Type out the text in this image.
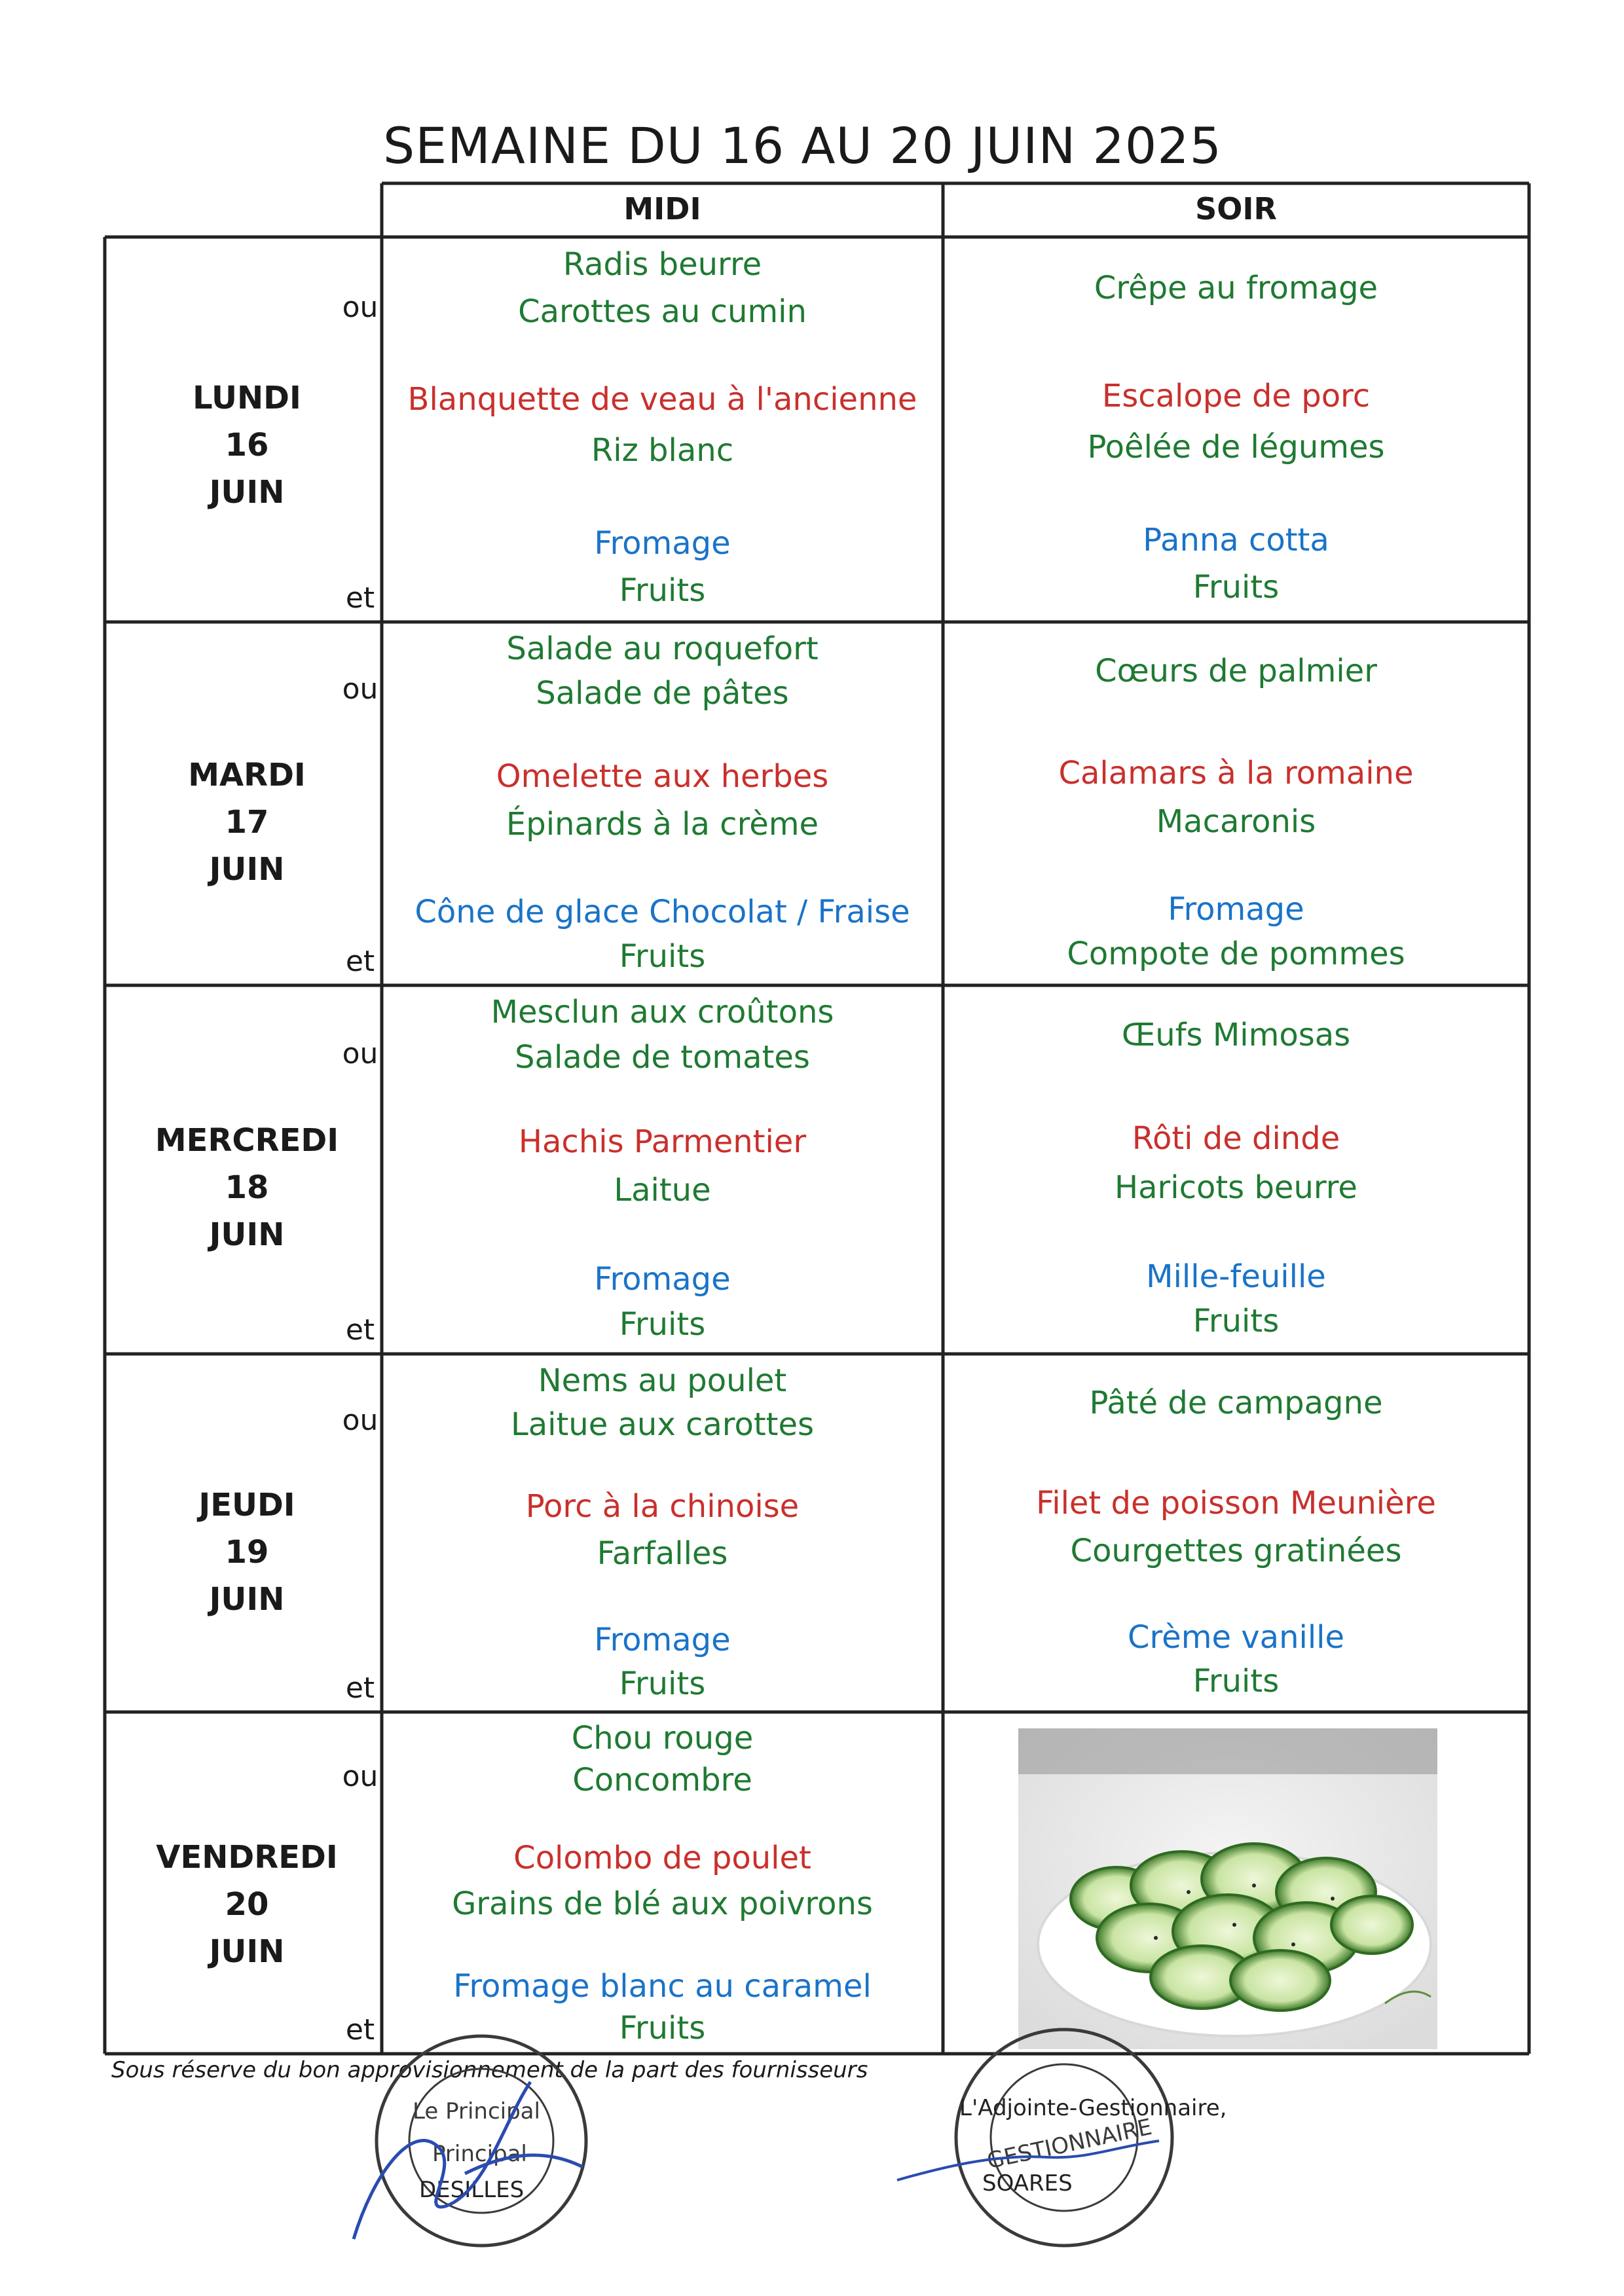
SEMAINE DU 16 AU 20 JUIN 2025
MIDI	SOIR
LUNDI
16
JUIN
ou
et
Radis beurre
Carottes au cumin
Blanquette de veau à l'ancienne
Riz blanc
Fromage
Fruits
Crêpe au fromage
Escalope de porc
Poêlée de légumes
Panna cotta
Fruits
MARDI
17
JUIN
ou
et
Salade au roquefort
Salade de pâtes
Omelette aux herbes
Épinards à la crème
Cône de glace Chocolat / Fraise
Fruits
Cœurs de palmier
Calamars à la romaine
Macaronis
Fromage
Compote de pommes
MERCREDI
18
JUIN
ou
et
Mesclun aux croûtons
Salade de tomates
Hachis Parmentier
Laitue
Fromage
Fruits
Œufs Mimosas
Rôti de dinde
Haricots beurre
Mille-feuille
Fruits
JEUDI
19
JUIN
ou
et
Nems au poulet
Laitue aux carottes
Porc à la chinoise
Farfalles
Fromage
Fruits
Pâté de campagne
Filet de poisson Meunière
Courgettes gratinées
Crème vanille
Fruits
VENDREDI
20
JUIN
ou
et
Chou rouge
Concombre
Colombo de poulet
Grains de blé aux poivrons
Fromage blanc au caramel
Fruits
Sous réserve du bon approvisionnement de la part des fournisseurs
Le Principal
Principal
DESILLES
L'Adjointe-Gestionnaire,
GESTIONNAIRE
SOARES
